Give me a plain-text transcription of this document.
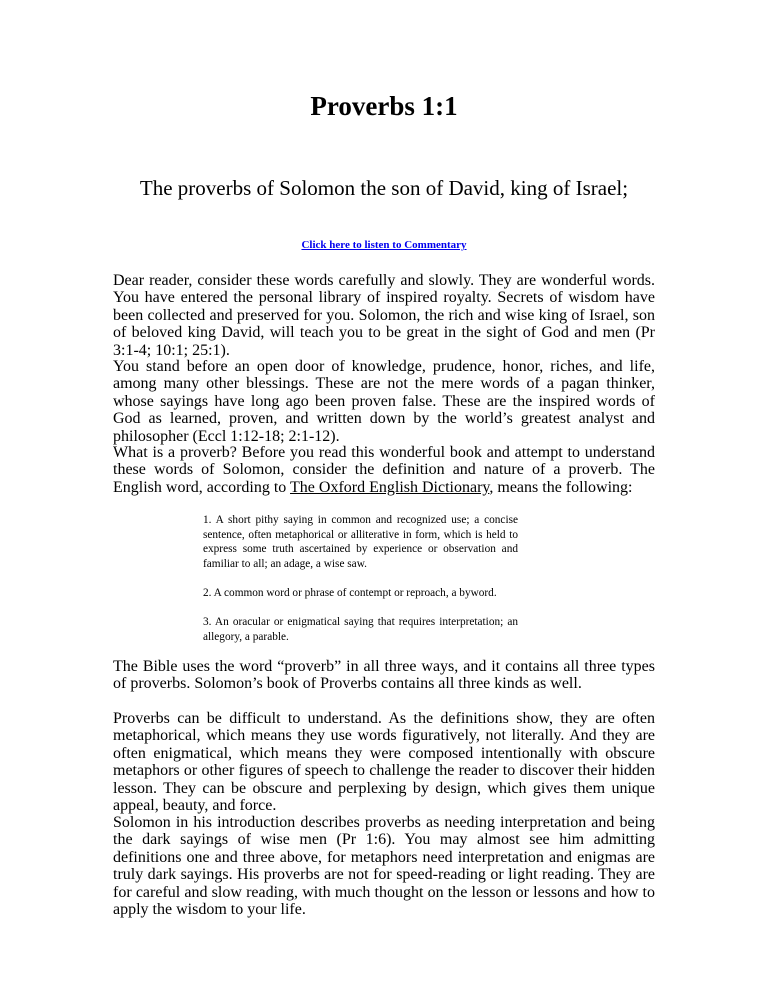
Proverbs 1:1

The proverbs of Solomon the son of David, king of Israel;

Click here to listen to Commentary

Dear reader, consider these words carefully and slowly. They are wonderful words. You have entered the personal library of inspired royalty. Secrets of wisdom have been collected and preserved for you. Solomon, the rich and wise king of Israel, son of beloved king David, will teach you to be great in the sight of God and men (Pr 3:1-4; 10:1; 25:1).

You stand before an open door of knowledge, prudence, honor, riches, and life, among many other blessings. These are not the mere words of a pagan thinker, whose sayings have long ago been proven false. These are the inspired words of God as learned, proven, and written down by the world’s greatest analyst and philosopher (Eccl 1:12-18; 2:1-12).

What is a proverb? Before you read this wonderful book and attempt to understand these words of Solomon, consider the definition and nature of a proverb. The English word, according to The Oxford English Dictionary, means the following:

1. A short pithy saying in common and recognized use; a concise sentence, often metaphorical or alliterative in form, which is held to express some truth ascertained by experience or observation and familiar to all; an adage, a wise saw.

2. A common word or phrase of contempt or reproach, a byword.

3. An oracular or enigmatical saying that requires interpretation; an allegory, a parable.

The Bible uses the word “proverb” in all three ways, and it contains all three types of proverbs. Solomon’s book of Proverbs contains all three kinds as well.

Proverbs can be difficult to understand. As the definitions show, they are often metaphorical, which means they use words figuratively, not literally. And they are often enigmatical, which means they were composed intentionally with obscure metaphors or other figures of speech to challenge the reader to discover their hidden lesson. They can be obscure and perplexing by design, which gives them unique appeal, beauty, and force.

Solomon in his introduction describes proverbs as needing interpretation and being the dark sayings of wise men (Pr 1:6). You may almost see him admitting definitions one and three above, for metaphors need interpretation and enigmas are truly dark sayings. His proverbs are not for speed-reading or light reading. They are for careful and slow reading, with much thought on the lesson or lessons and how to apply the wisdom to your life.
